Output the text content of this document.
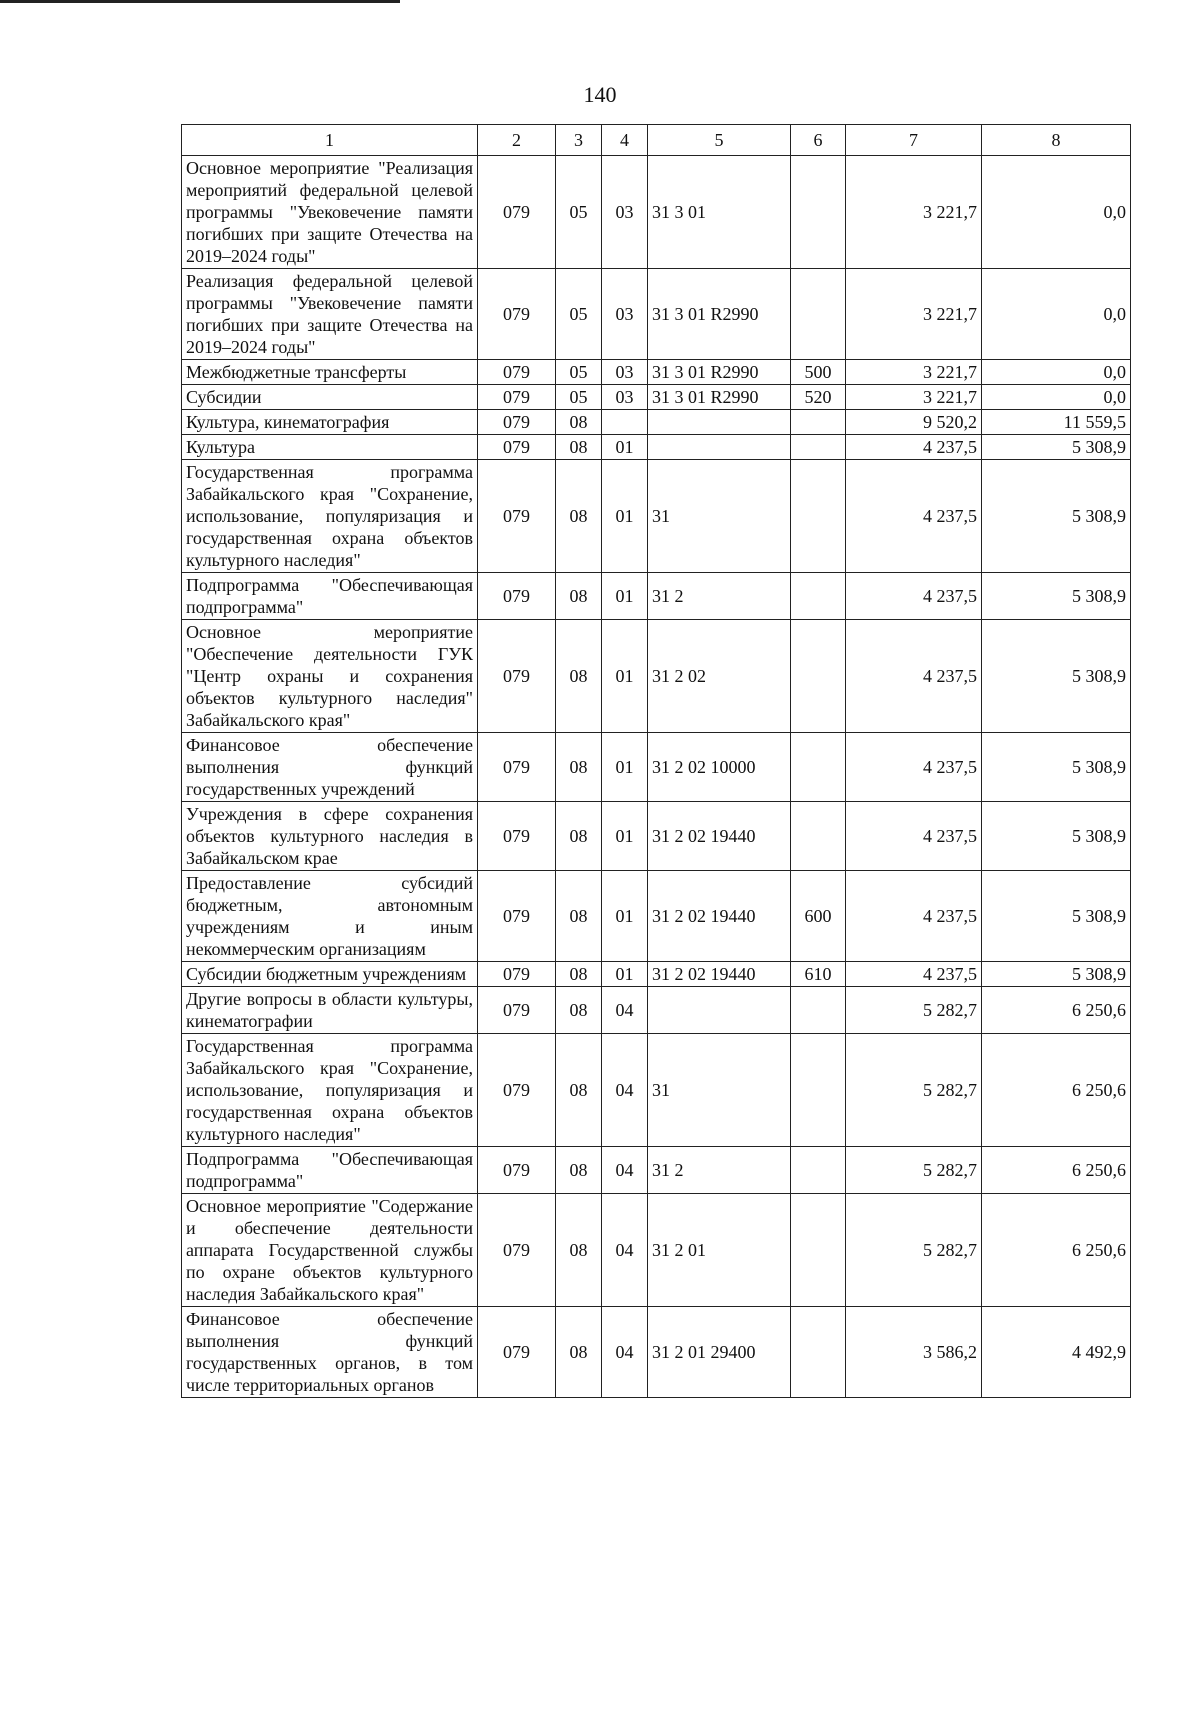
140
1	2	3	4	5	6	7	8
Основное мероприятие "Реализация мероприятий федеральной целевой программы "Увековечение памяти погибших при защите Отечества на 2019–2024 годы"	079	05	03	31 3 01		3 221,7	0,0
Реализация федеральной целевой программы "Увековечение памяти погибших при защите Отечества на 2019–2024 годы"	079	05	03	31 3 01 R2990		3 221,7	0,0
Межбюджетные трансферты	079	05	03	31 3 01 R2990	500	3 221,7	0,0
Субсидии	079	05	03	31 3 01 R2990	520	3 221,7	0,0
Культура, кинематография	079	08				9 520,2	11 559,5
Культура	079	08	01			4 237,5	5 308,9
Государственная программа Забайкальского края "Сохранение, использование, популяризация и государственная охрана объектов культурного наследия"	079	08	01	31		4 237,5	5 308,9
Подпрограмма "Обеспечивающая подпрограмма"	079	08	01	31 2		4 237,5	5 308,9
Основное мероприятие "Обеспечение деятельности ГУК "Центр охраны и сохранения объектов культурного наследия" Забайкальского края"	079	08	01	31 2 02		4 237,5	5 308,9
Финансовое обеспечение выполнения функций государственных учреждений	079	08	01	31 2 02 10000		4 237,5	5 308,9
Учреждения в сфере сохранения объектов культурного наследия в Забайкальском крае	079	08	01	31 2 02 19440		4 237,5	5 308,9
Предоставление субсидий бюджетным, автономным учреждениям и иным некоммерческим организациям	079	08	01	31 2 02 19440	600	4 237,5	5 308,9
Субсидии бюджетным учреждениям	079	08	01	31 2 02 19440	610	4 237,5	5 308,9
Другие вопросы в области культуры, кинематографии	079	08	04			5 282,7	6 250,6
Государственная программа Забайкальского края "Сохранение, использование, популяризация и государственная охрана объектов культурного наследия"	079	08	04	31		5 282,7	6 250,6
Подпрограмма "Обеспечивающая подпрограмма"	079	08	04	31 2		5 282,7	6 250,6
Основное мероприятие "Содержание и обеспечение деятельности аппарата Государственной службы по охране объектов культурного наследия Забайкальского края"	079	08	04	31 2 01		5 282,7	6 250,6
Финансовое обеспечение выполнения функций государственных органов, в том числе территориальных органов	079	08	04	31 2 01 29400		3 586,2	4 492,9
